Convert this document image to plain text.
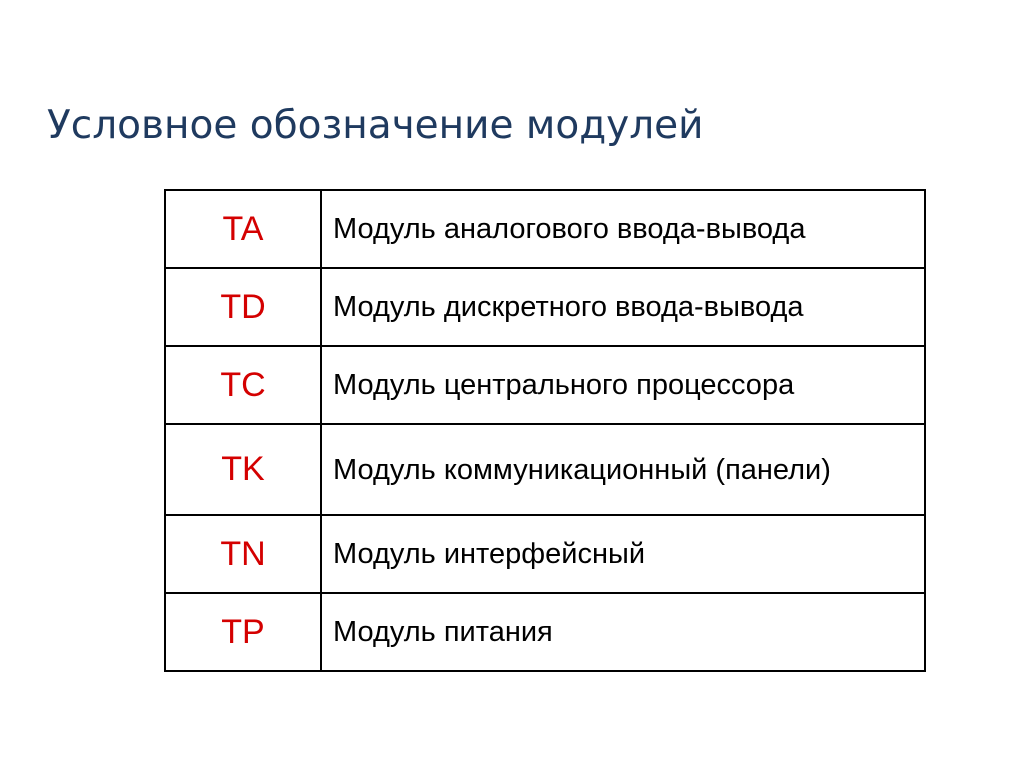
Условное обозначение модулей
TA	Модуль аналогового ввода-вывода
TD	Модуль дискретного ввода-вывода
TC	Модуль центрального процессора
TK	Модуль коммуникационный (панели)
TN	Модуль интерфейсный
TP	Модуль питания
